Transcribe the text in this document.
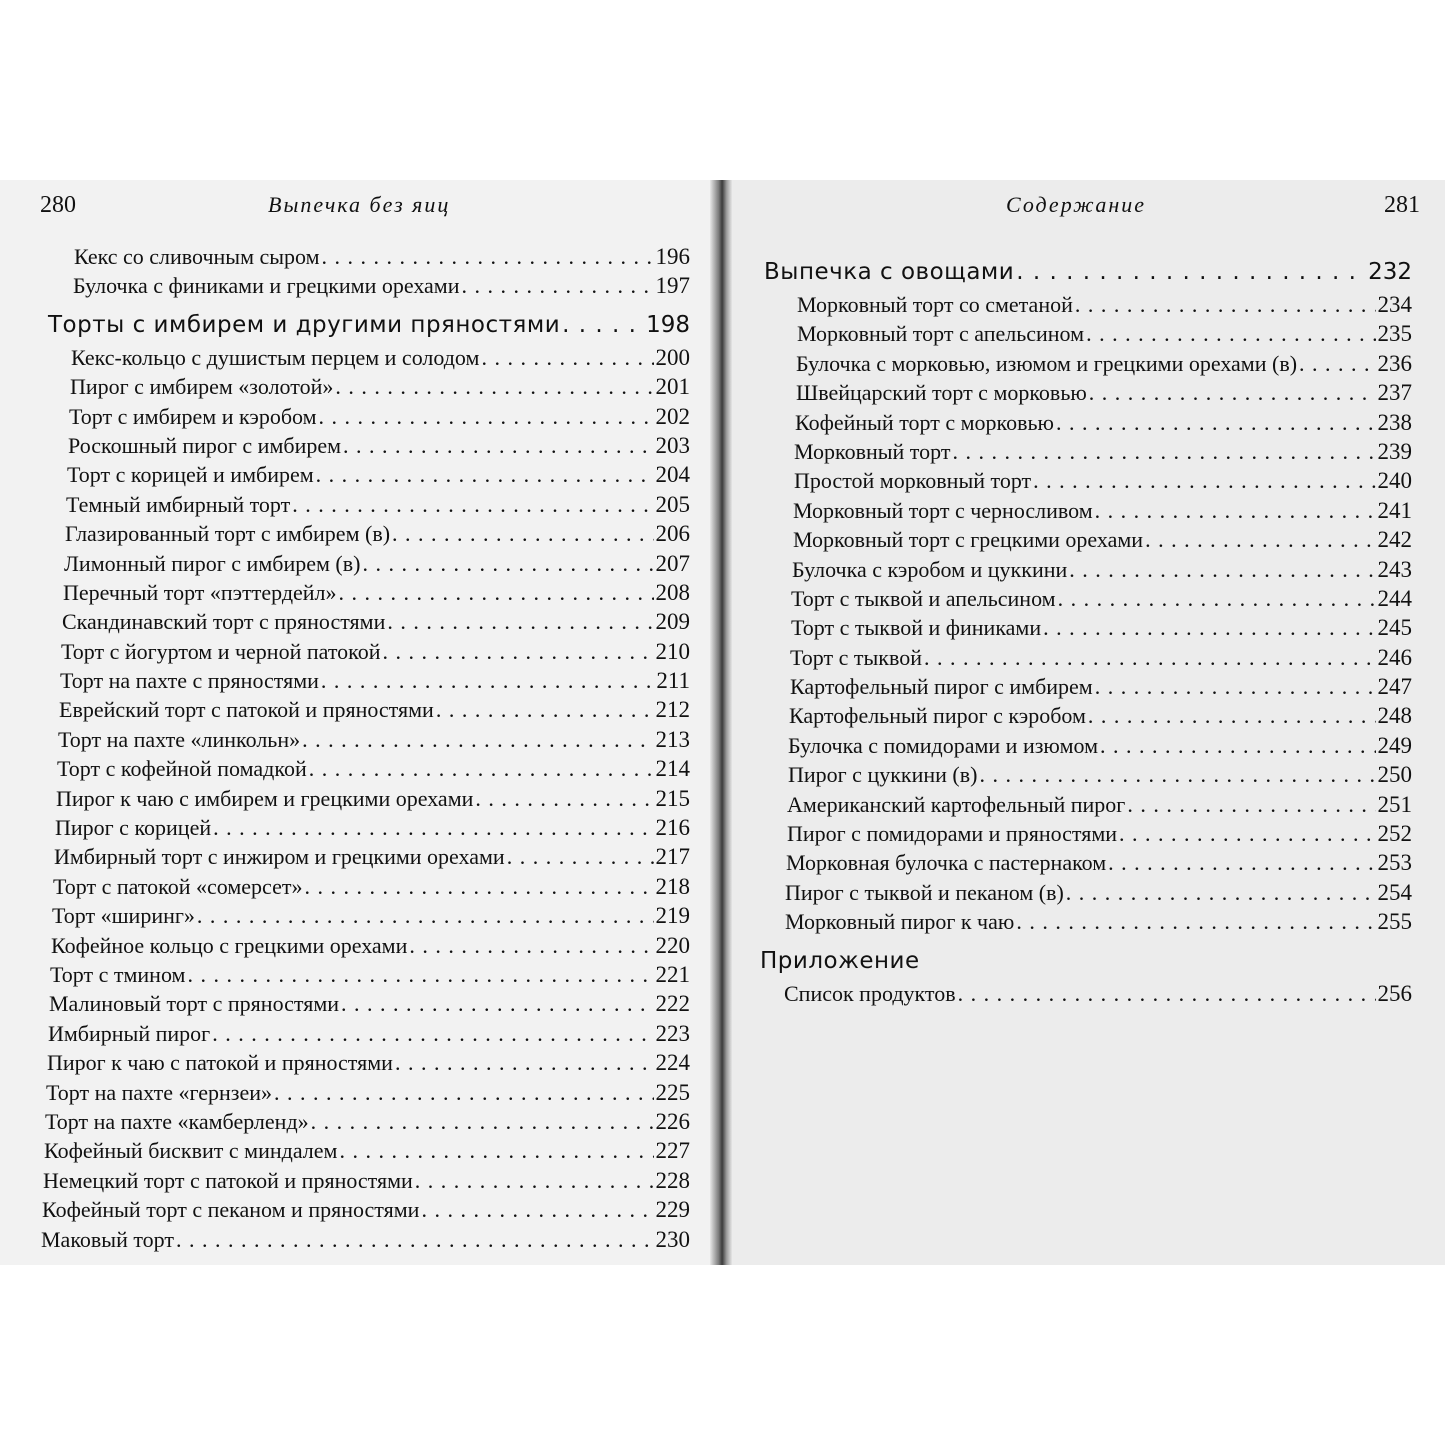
280	Выпечка без яиц
Кекс со сливочным сыром . . .	196
Булочка с финиками и грецкими орехами . . .	197
Торты с имбирем и другими пряностями . . .	198
Кекс-кольцо с душистым перцем и солодом . . .	200
Пирог с имбирем «золотой» . . .	201
Торт с имбирем и кэробом . . .	202
Роскошный пирог с имбирем . . .	203
Торт с корицей и имбирем . . .	204
Темный имбирный торт . . .	205
Глазированный торт с имбирем (в) . . .	206
Лимонный пирог с имбирем (в) . . .	207
Перечный торт «пэттердейл» . . .	208
Скандинавский торт с пряностями . . .	209
Торт с йогуртом и черной патокой . . .	210
Торт на пахте с пряностями . . .	211
Еврейский торт с патокой и пряностями . . .	212
Торт на пахте «линкольн» . . .	213
Торт с кофейной помадкой . . .	214
Пирог к чаю с имбирем и грецкими орехами . . .	215
Пирог с корицей . . .	216
Имбирный торт с инжиром и грецкими орехами . . .	217
Торт с патокой «сомерсет» . . .	218
Торт «ширинг» . . .	219
Кофейное кольцо с грецкими орехами . . .	220
Торт с тмином . . .	221
Малиновый торт с пряностями . . .	222
Имбирный пирог . . .	223
Пирог к чаю с патокой и пряностями . . .	224
Торт на пахте «гернзеи» . . .	225
Торт на пахте «камберленд» . . .	226
Кофейный бисквит с миндалем . . .	227
Немецкий торт с патокой и пряностями . . .	228
Кофейный торт с пеканом и пряностями . . .	229
Маковый торт . . .	230
Содержание	281
Выпечка с овощами . . .	232
Морковный торт со сметаной . . .	234
Морковный торт с апельсином . . .	235
Булочка с морковью, изюмом и грецкими орехами (в) . . .	236
Швейцарский торт с морковью . . .	237
Кофейный торт с морковью . . .	238
Морковный торт . . .	239
Простой морковный торт . . .	240
Морковный торт с черносливом . . .	241
Морковный торт с грецкими орехами . . .	242
Булочка с кэробом и цуккини . . .	243
Торт с тыквой и апельсином . . .	244
Торт с тыквой и финиками . . .	245
Торт с тыквой . . .	246
Картофельный пирог с имбирем . . .	247
Картофельный пирог с кэробом . . .	248
Булочка с помидорами и изюмом . . .	249
Пирог с цуккини (в) . . .	250
Американский картофельный пирог . . .	251
Пирог с помидорами и пряностями . . .	252
Морковная булочка с пастернаком . . .	253
Пирог с тыквой и пеканом (в) . . .	254
Морковный пирог к чаю . . .	255
Приложение
Список продуктов . . .	256
